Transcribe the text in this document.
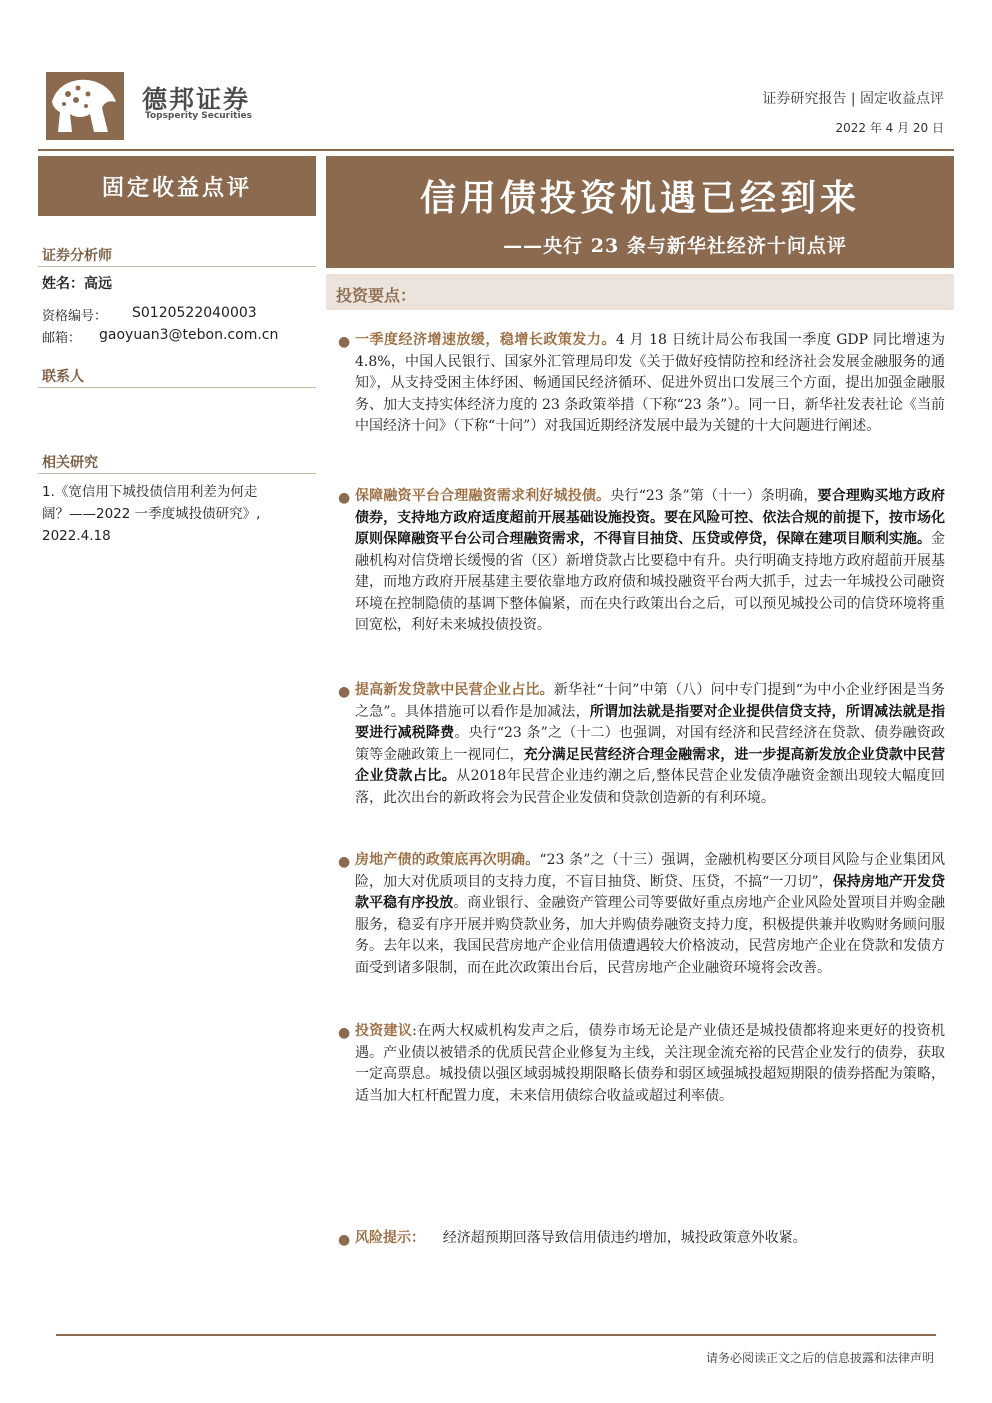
德邦证券
Topsperity Securities
证券研究报告 | 固定收益点评
2022 年 4 月 20 日
固定收益点评
证券分析师
姓名：高远
资格编号： S0120522040003
邮箱： gaoyuan3@tebon.com.cn
联系人
相关研究
1.《宽信用下城投债信用利差为何走
阔？——2022 一季度城投债研究》,
2022.4.18
信用债投资机遇已经到来
——央行 23 条与新华社经济十问点评
投资要点：
● 一季度经济增速放缓，稳增长政策发力。4 月 18 日统计局公布我国一季度 GDP 同比增速为 4.8%，中国人民银行、国家外汇管理局印发《关于做好疫情防控和经济社会发展金融服务的通知》，从支持受困主体纾困、畅通国民经济循环、促进外贸出口发展三个方面，提出加强金融服务、加大支持实体经济力度的 23 条政策举措（下称“23 条”）。同一日，新华社发表社论《当前中国经济十问》（下称“十问”）对我国近期经济发展中最为关键的十大问题进行阐述。
● 保障融资平台合理融资需求利好城投债。央行“23 条”第（十一）条明确，要合理购买地方政府债券，支持地方政府适度超前开展基础设施投资。要在风险可控、依法合规的前提下，按市场化原则保障融资平台公司合理融资需求，不得盲目抽贷、压贷或停贷，保障在建项目顺利实施。金融机构对信贷增长缓慢的省（区）新增贷款占比要稳中有升。央行明确支持地方政府超前开展基建，而地方政府开展基建主要依靠地方政府债和城投融资平台两大抓手，过去一年城投公司融资环境在控制隐债的基调下整体偏紧，而在央行政策出台之后，可以预见城投公司的信贷环境将重回宽松，利好未来城投债投资。
● 提高新发贷款中民营企业占比。新华社“十问”中第（八）问中专门提到“为中小企业纾困是当务之急”。具体措施可以看作是加减法，所谓加法就是指要对企业提供信贷支持，所谓减法就是指要进行减税降费。央行“23 条”之（十二）也强调，对国有经济和民营经济在贷款、债券融资政策等金融政策上一视同仁，充分满足民营经济合理金融需求，进一步提高新发放企业贷款中民营企业贷款占比。从2018年民营企业违约潮之后,整体民营企业发债净融资金额出现较大幅度回落，此次出台的新政将会为民营企业发债和贷款创造新的有利环境。
● 房地产债的政策底再次明确。“23 条”之（十三）强调，金融机构要区分项目风险与企业集团风险，加大对优质项目的支持力度，不盲目抽贷、断贷、压贷，不搞“一刀切”，保持房地产开发贷款平稳有序投放。商业银行、金融资产管理公司等要做好重点房地产企业风险处置项目并购金融服务，稳妥有序开展并购贷款业务，加大并购债券融资支持力度，积极提供兼并收购财务顾问服务。去年以来，我国民营房地产企业信用债遭遇较大价格波动，民营房地产企业在贷款和发债方面受到诸多限制，而在此次政策出台后，民营房地产企业融资环境将会改善。
● 投资建议:在两大权威机构发声之后，债券市场无论是产业债还是城投债都将迎来更好的投资机遇。产业债以被错杀的优质民营企业修复为主线，关注现金流充裕的民营企业发行的债券，获取一定高票息。城投债以强区域弱城投期限略长债券和弱区域强城投超短期限的债券搭配为策略，适当加大杠杆配置力度，未来信用债综合收益或超过利率债。
● 风险提示： 经济超预期回落导致信用债违约增加，城投政策意外收紧。
请务必阅读正文之后的信息披露和法律声明
